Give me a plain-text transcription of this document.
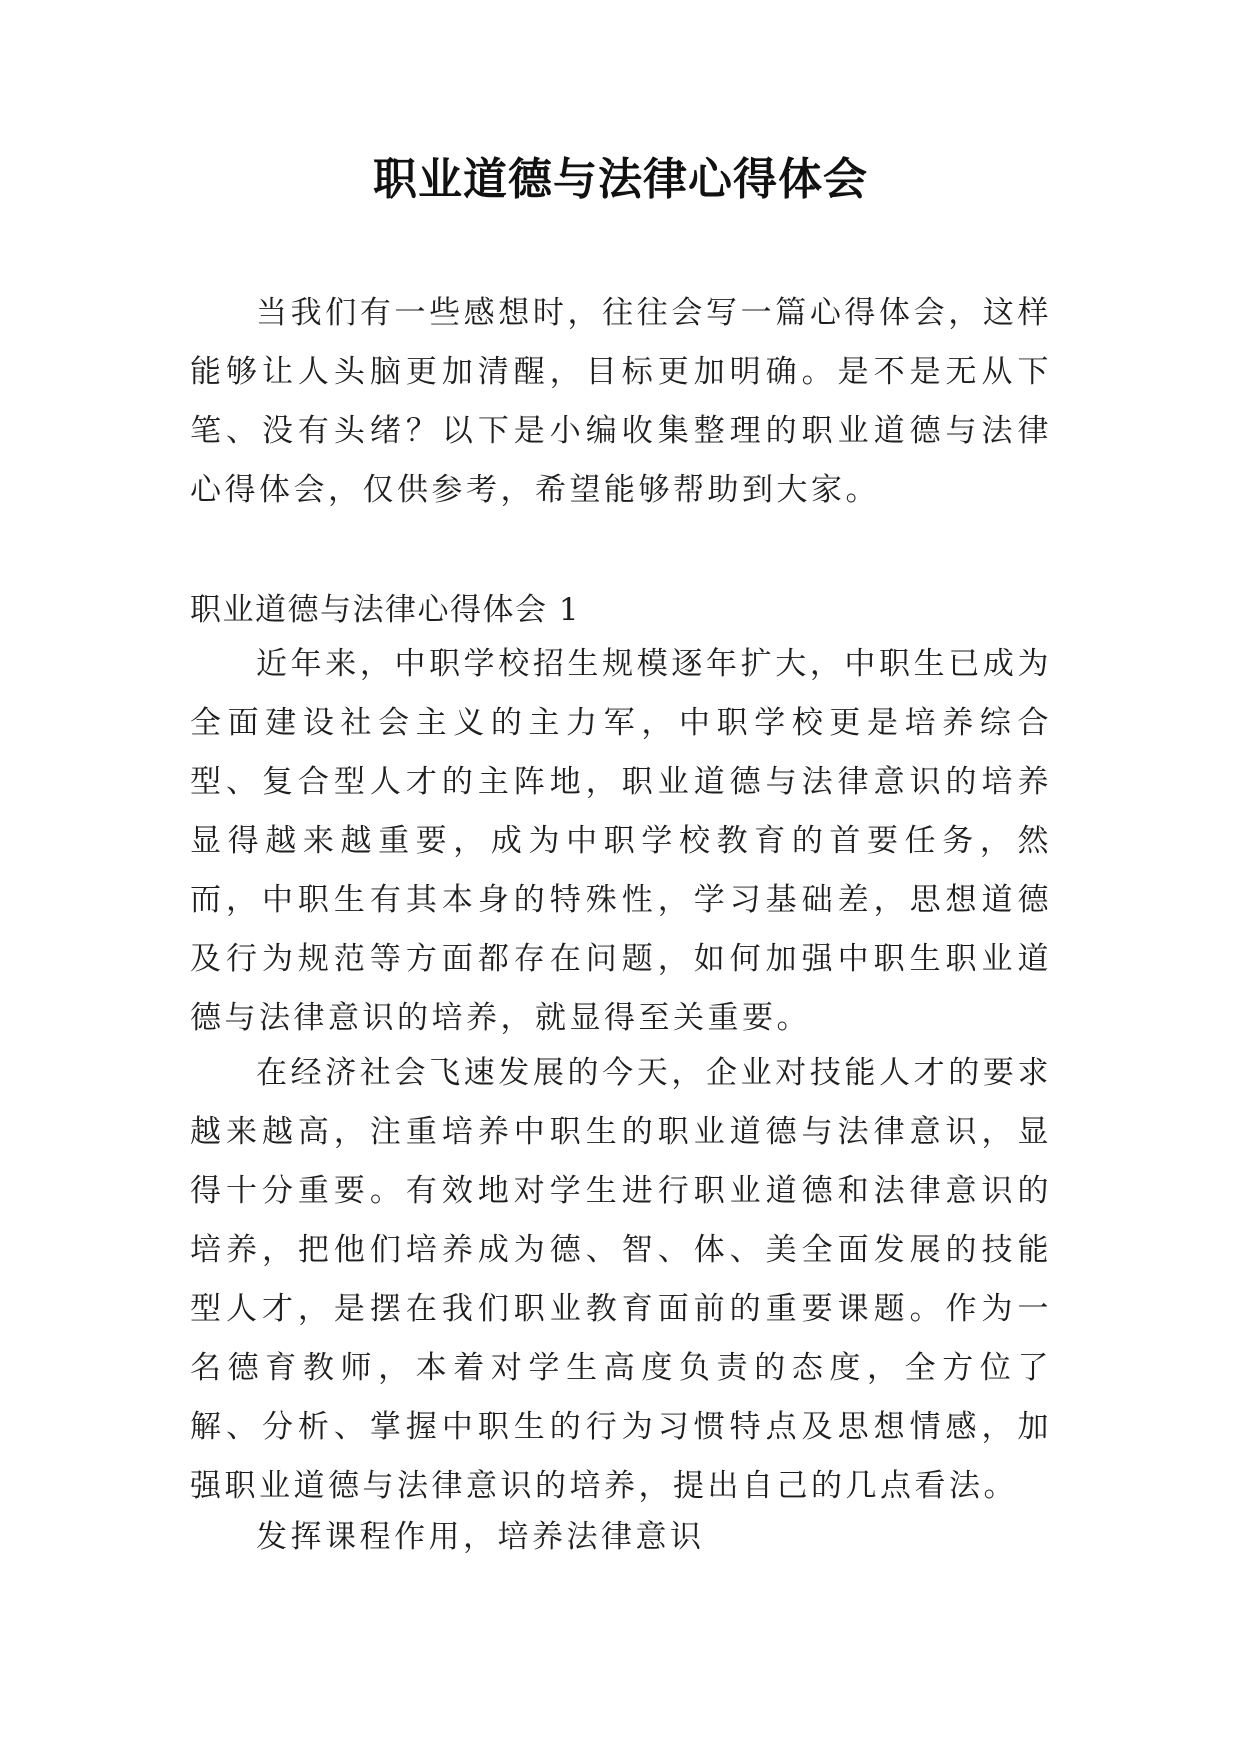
职业道德与法律心得体会

当我们有一些感想时，往往会写一篇心得体会，这样能够让人头脑更加清醒，目标更加明确。是不是无从下笔、没有头绪？以下是小编收集整理的职业道德与法律心得体会，仅供参考，希望能够帮助到大家。

职业道德与法律心得体会 1

近年来，中职学校招生规模逐年扩大，中职生已成为全面建设社会主义的主力军，中职学校更是培养综合型、复合型人才的主阵地，职业道德与法律意识的培养显得越来越重要，成为中职学校教育的首要任务，然而，中职生有其本身的特殊性，学习基础差，思想道德及行为规范等方面都存在问题，如何加强中职生职业道德与法律意识的培养，就显得至关重要。

在经济社会飞速发展的今天，企业对技能人才的要求越来越高，注重培养中职生的职业道德与法律意识，显得十分重要。有效地对学生进行职业道德和法律意识的培养，把他们培养成为德、智、体、美全面发展的技能型人才，是摆在我们职业教育面前的重要课题。作为一名德育教师，本着对学生高度负责的态度，全方位了解、分析、掌握中职生的行为习惯特点及思想情感，加强职业道德与法律意识的培养，提出自己的几点看法。

发挥课程作用，培养法律意识
